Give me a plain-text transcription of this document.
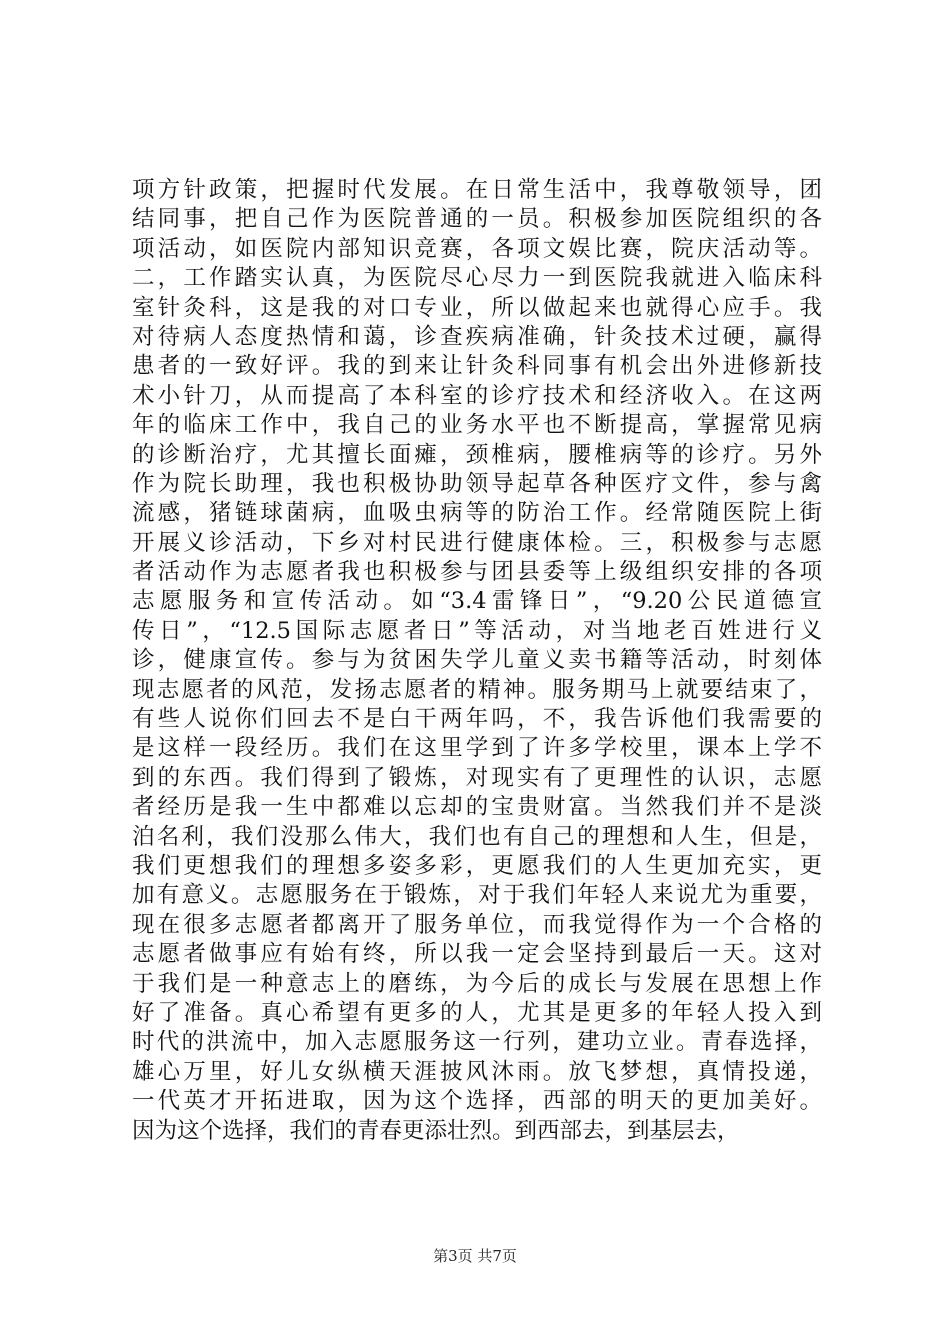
项方针政策，把握时代发展。在日常生活中，我尊敬领导，团
结同事，把自己作为医院普通的一员。积极参加医院组织的各
项活动，如医院内部知识竞赛，各项文娱比赛，院庆活动等。
二，工作踏实认真，为医院尽心尽力一到医院我就进入临床科
室针灸科，这是我的对口专业，所以做起来也就得心应手。我
对待病人态度热情和蔼，诊查疾病准确，针灸技术过硬，赢得
患者的一致好评。我的到来让针灸科同事有机会出外进修新技
术小针刀，从而提高了本科室的诊疗技术和经济收入。在这两
年的临床工作中，我自己的业务水平也不断提高，掌握常见病
的诊断治疗，尤其擅长面瘫，颈椎病，腰椎病等的诊疗。另外
作为院长助理，我也积极协助领导起草各种医疗文件，参与禽
流感，猪链球菌病，血吸虫病等的防治工作。经常随医院上街
开展义诊活动，下乡对村民进行健康体检。三，积极参与志愿
者活动作为志愿者我也积极参与团县委等上级组织安排的各项
志愿服务和宣传活动。如“3.4雷锋日”，“9.20公民道德宣
传日”，“12.5国际志愿者日”等活动，对当地老百姓进行义
诊，健康宣传。参与为贫困失学儿童义卖书籍等活动，时刻体
现志愿者的风范，发扬志愿者的精神。服务期马上就要结束了，
有些人说你们回去不是白干两年吗，不，我告诉他们我需要的
是这样一段经历。我们在这里学到了许多学校里，课本上学不
到的东西。我们得到了锻炼，对现实有了更理性的认识，志愿
者经历是我一生中都难以忘却的宝贵财富。当然我们并不是淡
泊名利，我们没那么伟大，我们也有自己的理想和人生，但是，
我们更想我们的理想多姿多彩，更愿我们的人生更加充实，更
加有意义。志愿服务在于锻炼，对于我们年轻人来说尤为重要，
现在很多志愿者都离开了服务单位，而我觉得作为一个合格的
志愿者做事应有始有终，所以我一定会坚持到最后一天。这对
于我们是一种意志上的磨练，为今后的成长与发展在思想上作
好了准备。真心希望有更多的人，尤其是更多的年轻人投入到
时代的洪流中，加入志愿服务这一行列，建功立业。青春选择，
雄心万里，好儿女纵横天涯披风沐雨。放飞梦想，真情投递，
一代英才开拓进取，因为这个选择，西部的明天的更加美好。
因为这个选择，我们的青春更添壮烈。到西部去，到基层去，
第3页 共7页
